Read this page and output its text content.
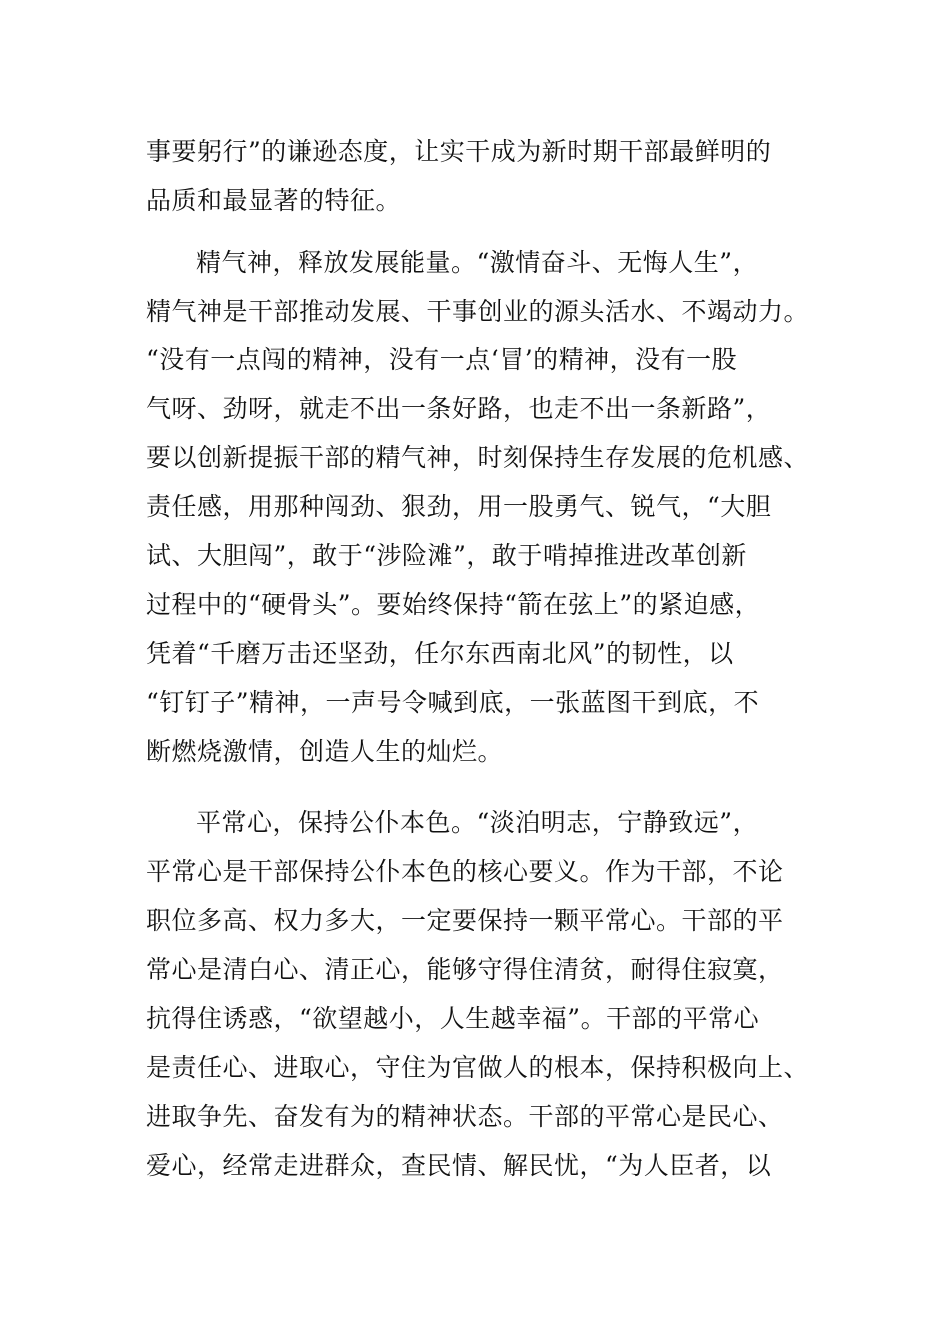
事要躬行”的谦逊态度，让实干成为新时期干部最鲜明的
品质和最显著的特征。
精气神，释放发展能量。“激情奋斗、无悔人生”，
精气神是干部推动发展、干事创业的源头活水、不竭动力。
“没有一点闯的精神，没有一点‘冒’的精神，没有一股
气呀、劲呀，就走不出一条好路，也走不出一条新路”，
要以创新提振干部的精气神，时刻保持生存发展的危机感、
责任感，用那种闯劲、狠劲，用一股勇气、锐气，“大胆
试、大胆闯”，敢于“涉险滩”，敢于啃掉推进改革创新
过程中的“硬骨头”。要始终保持“箭在弦上”的紧迫感，
凭着“千磨万击还坚劲，任尔东西南北风”的韧性，以
“钉钉子”精神，一声号令喊到底，一张蓝图干到底，不
断燃烧激情，创造人生的灿烂。
平常心，保持公仆本色。“淡泊明志，宁静致远”，
平常心是干部保持公仆本色的核心要义。作为干部，不论
职位多高、权力多大，一定要保持一颗平常心。干部的平
常心是清白心、清正心，能够守得住清贫，耐得住寂寞，
抗得住诱惑，“欲望越小，人生越幸福”。干部的平常心
是责任心、进取心，守住为官做人的根本，保持积极向上、
进取争先、奋发有为的精神状态。干部的平常心是民心、
爱心，经常走进群众，查民情、解民忧，“为人臣者，以
